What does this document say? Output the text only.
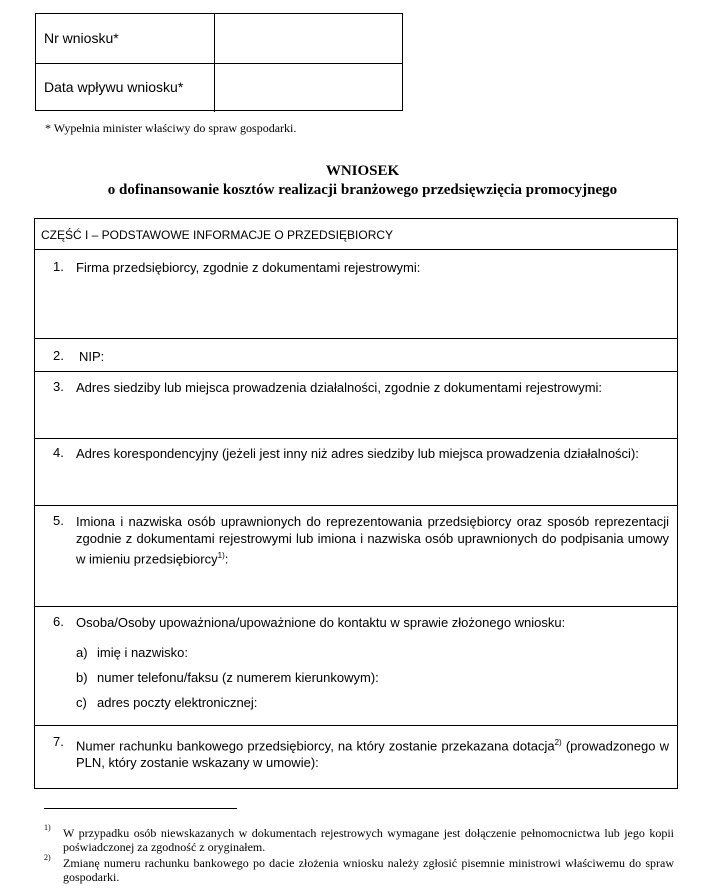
Nr wniosku*
Data wpływu wniosku*
* Wypełnia minister właściwy do spraw gospodarki.
WNIOSEK
o dofinansowanie kosztów realizacji branżowego przedsięwzięcia promocyjnego
CZĘŚĆ I – PODSTAWOWE INFORMACJE O PRZEDSIĘBIORCY
1. Firma przedsiębiorcy, zgodnie z dokumentami rejestrowymi:
2. NIP:
3. Adres siedziby lub miejsca prowadzenia działalności, zgodnie z dokumentami rejestrowymi:
4. Adres korespondencyjny (jeżeli jest inny niż adres siedziby lub miejsca prowadzenia działalności):
5. Imiona i nazwiska osób uprawnionych do reprezentowania przedsiębiorcy oraz sposób reprezentacji zgodnie z dokumentami rejestrowymi lub imiona i nazwiska osób uprawnionych do podpisania umowy w imieniu przedsiębiorcy$^{1)}$:
6. Osoba/Osoby upoważniona/upoważnione do kontaktu w sprawie złożonego wniosku:
a) imię i nazwisko:
b) numer telefonu/faksu (z numerem kierunkowym):
c) adres poczty elektronicznej:
7. Numer rachunku bankowego przedsiębiorcy, na który zostanie przekazana dotacja$^{2)}$ (prowadzonego w PLN, który zostanie wskazany w umowie):
1) W przypadku osób niewskazanych w dokumentach rejestrowych wymagane jest dołączenie pełnomocnictwa lub jego kopii poświadczonej za zgodność z oryginałem.
2) Zmianę numeru rachunku bankowego po dacie złożenia wniosku należy zgłosić pisemnie ministrowi właściwemu do spraw gospodarki.
